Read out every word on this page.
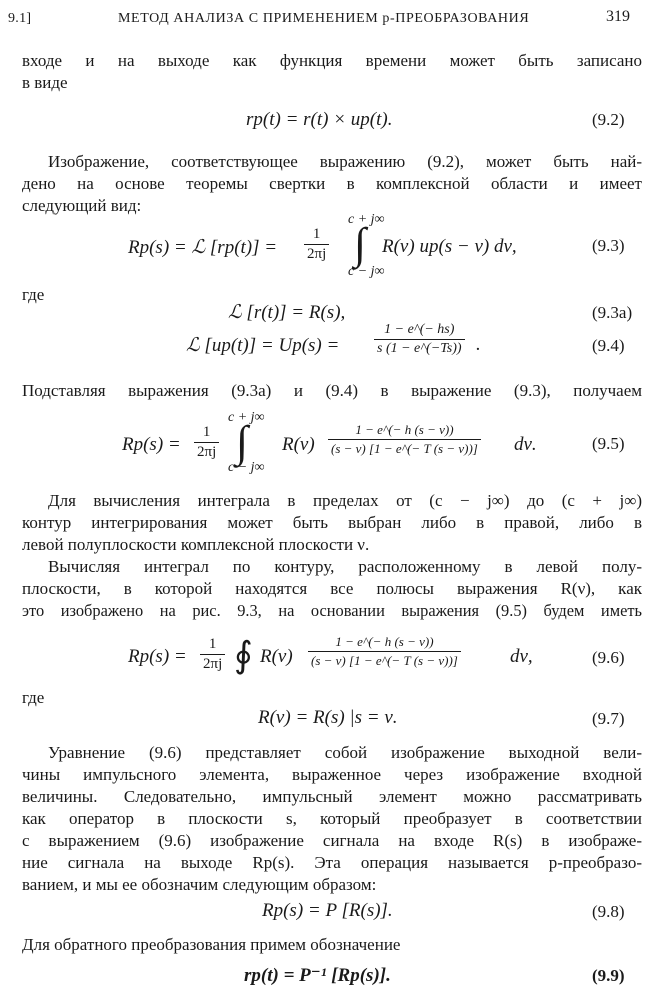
9.1]	МЕТОД АНАЛИЗА С ПРИМЕНЕНИЕМ p-ПРЕОБРАЗОВАНИЯ	319
входе и на выходе как функция времени может быть записано
в виде
rp(t) = r(t) × up(t).	(9.2)
Изображение, соответствующее выражению (9.2), может быть най-
дено на основе теоремы свертки в комплексной области и имеет
следующий вид:
Rp(s) = ℒ $[rp(t)] = \frac{1}{2\pi j}$
c + j∞
∫
c − j∞
R(ν) up(s − ν) dν,	(9.3)
где
ℒ [r(t)] = R(s),	(9.3а)
ℒ $[up(t)] = Up(s) = \frac{1 - e\^{}(- hs)}{s (1 - e\^{}(-Ts))}$ .	(9.4)
Подставляя выражения (9.3а) и (9.4) в выражение (9.3), получаем
$Rp(s) = \frac{1}{2\pi j}$
c + j∞
∫
c − j∞
$R(\nu) \frac{1 - e\^{}(- h (s - \nu))}{(s - \nu) [1 - e\^{}(- T (s - \nu))]} d\nu$.	(9.5)
Для вычисления интеграла в пределах от (c − j∞) до (c + j∞)
контур интегрирования может быть выбран либо в правой, либо в
левой полуплоскости комплексной плоскости ν.
Вычисляя интеграл по контуру, расположенному в левой полу-
плоскости, в которой находятся все полюсы выражения R(ν), как
это изображено на рис. 9.3, на основании выражения (9.5) будем иметь
$Rp(s) = \frac{1}{2\pi j}$ ∮ $R(\nu) \frac{1 - e\^{}(- h (s - \nu))}{(s - \nu) [1 - e\^{}(- T (s - \nu))]}$	dν,	(9.6)
где
R(ν) = R(s) |s = ν.	(9.7)
Уравнение (9.6) представляет собой изображение выходной вели-
чины импульсного элемента, выраженное через изображение входной
величины. Следовательно, импульсный элемент можно рассматривать
как оператор в плоскости s, который преобразует в соответствии
с выражением (9.6) изображение сигнала на входе R(s) в изображе-
ние сигнала на выходе Rp(s). Эта операция называется p-преобразо-
ванием, и мы ее обозначим следующим образом:
Rp(s) = P [R(s)].	(9.8)
Для обратного преобразования примем обозначение
rp(t) = P⁻¹ [Rp(s)].	(9.9)
